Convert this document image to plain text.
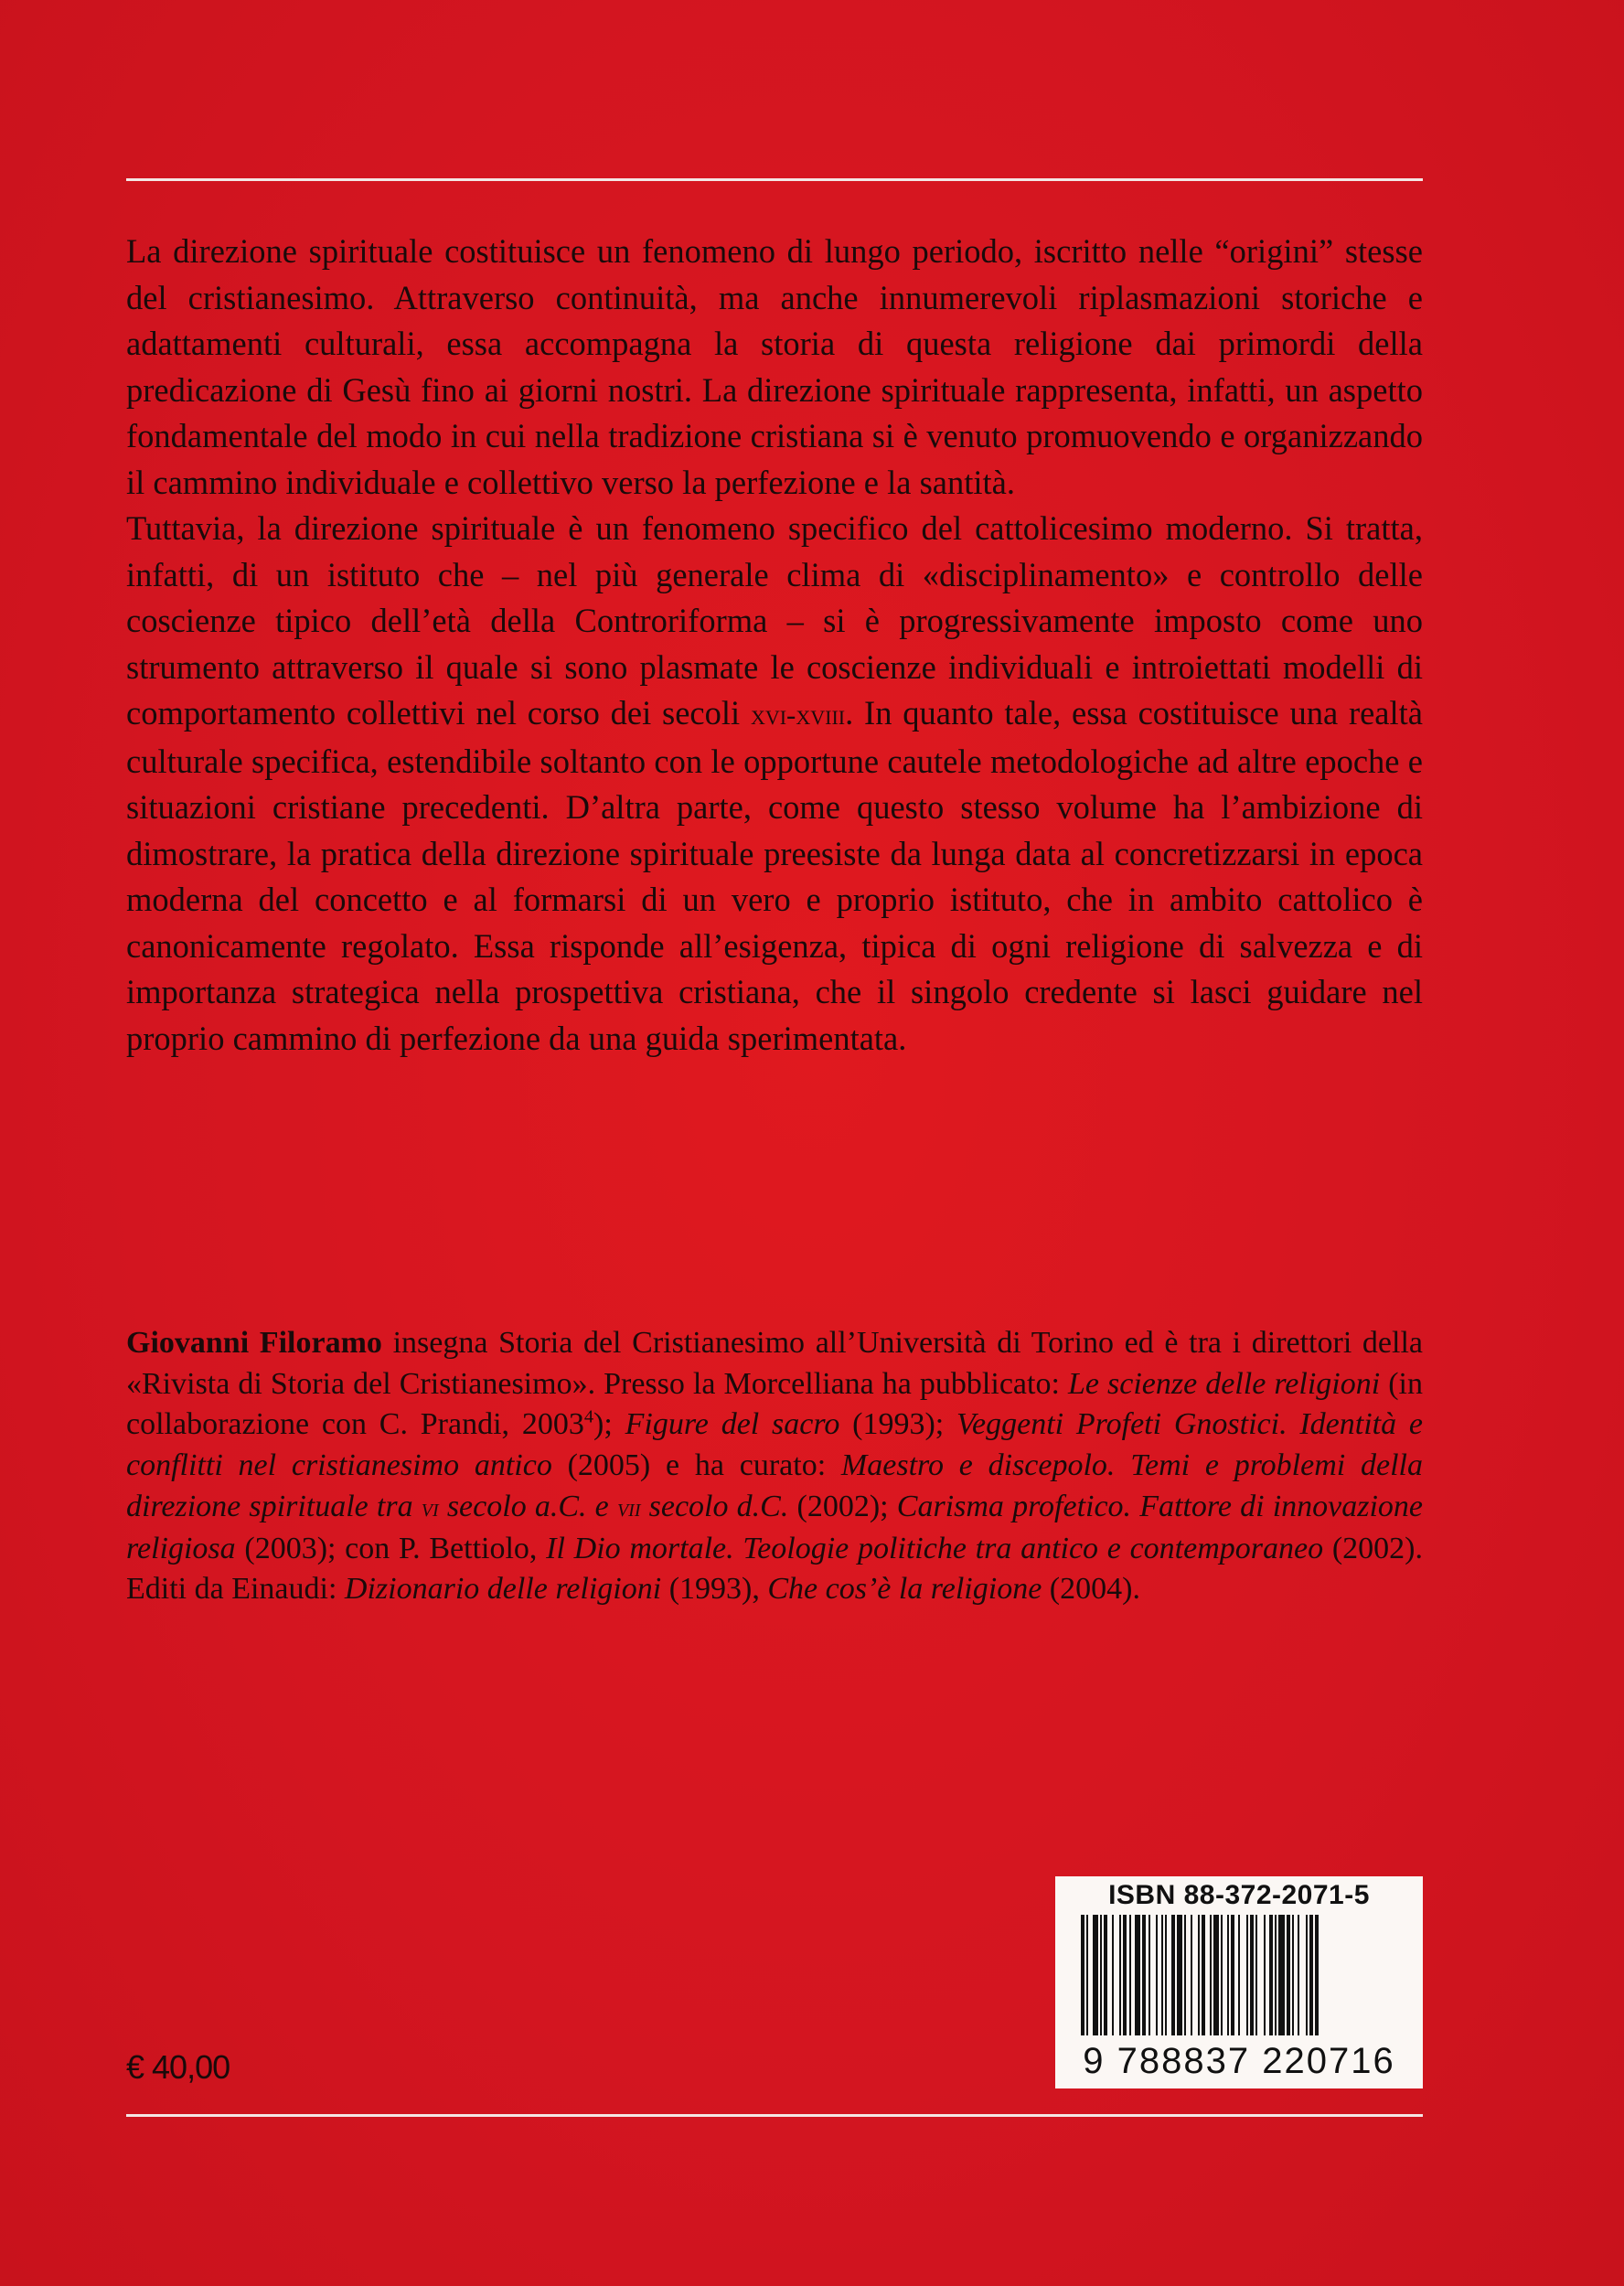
La direzione spirituale costituisce un fenomeno di lungo periodo, iscritto nelle “origini” stesse del cristianesimo. Attraverso continuità, ma anche innumerevoli riplasmazioni storiche e adattamenti culturali, essa accompagna la storia di questa religione dai primordi della predicazione di Gesù fino ai giorni nostri. La direzione spirituale rappresenta, infatti, un aspetto fondamentale del modo in cui nella tradizione cristiana si è venuto promuovendo e organizzando il cammino individuale e collettivo verso la perfezione e la santità.

Tuttavia, la direzione spirituale è un fenomeno specifico del cattolicesimo moderno. Si tratta, infatti, di un istituto che – nel più generale clima di «disciplinamento» e controllo delle coscienze tipico dell’età della Controriforma – si è progressivamente imposto come uno strumento attraverso il quale si sono plasmate le coscienze individuali e introiettati modelli di comportamento collettivi nel corso dei secoli xvi-xviii. In quanto tale, essa costituisce una realtà culturale specifica, estendibile soltanto con le opportune cautele metodologiche ad altre epoche e situazioni cristiane precedenti. D’altra parte, come questo stesso volume ha l’ambizione di dimostrare, la pratica della direzione spirituale preesiste da lunga data al concretizzarsi in epoca moderna del concetto e al formarsi di un vero e proprio istituto, che in ambito cattolico è canonicamente regolato. Essa risponde all’esigenza, tipica di ogni religione di salvezza e di importanza strategica nella prospettiva cristiana, che il singolo credente si lasci guidare nel proprio cammino di perfezione da una guida sperimentata.

Giovanni Filoramo insegna Storia del Cristianesimo all’Università di Torino ed è tra i direttori della «Rivista di Storia del Cristianesimo». Presso la Morcelliana ha pubblicato: Le scienze delle religioni (in collaborazione con C. Prandi, 2003$^4$); Figure del sacro (1993); Veggenti Profeti Gnostici. Identità e conflitti nel cristianesimo antico (2005) e ha curato: Maestro e discepolo. Temi e problemi della direzione spirituale tra vi secolo a.C. e vii secolo d.C. (2002); Carisma profetico. Fattore di innovazione religiosa (2003); con P. Bettiolo, Il Dio mortale. Teologie politiche tra antico e contemporaneo (2002). Editi da Einaudi: Dizionario delle religioni (1993), Che cos’è la religione (2004).
€ 40,00
ISBN 88-372-2071-5
9 788837 220716
